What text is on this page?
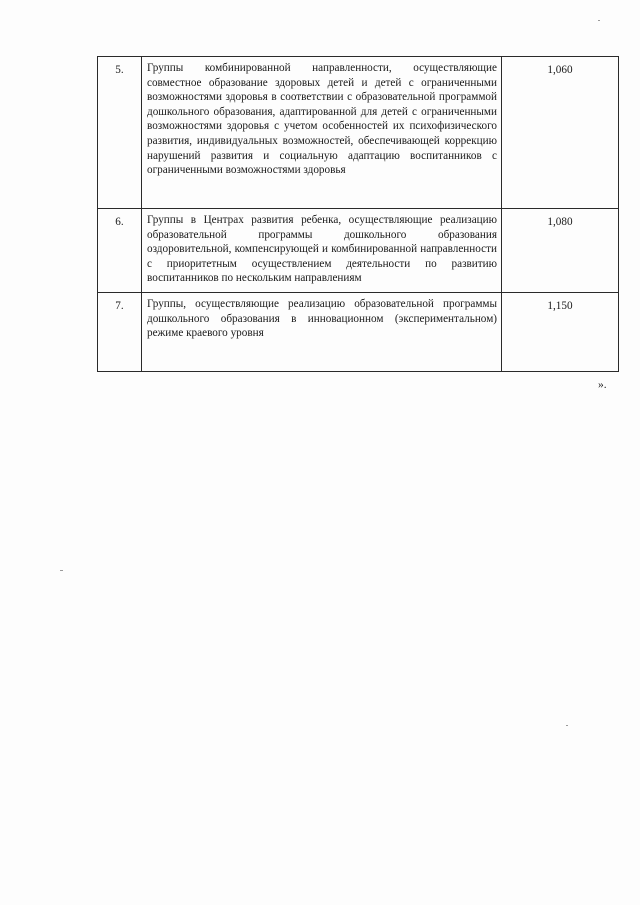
5.	Группы комбинированной направленности, осуществляющие совместное образование здоровых детей и детей с ограниченными возможностями здоровья в соответствии с образовательной программой дошкольного образования, адаптированной для детей с ограниченными возможностями здоровья с учетом особенностей их психофизического развития, индивидуальных возможностей, обеспечивающей коррекцию нарушений развития и социальную адаптацию воспитанников с ограниченными возможностями здоровья	1,060
6.	Группы в Центрах развития ребенка, осуществляющие реализацию образовательной программы дошкольного образования оздоровительной, компенсирующей и комбинированной направленности с приоритетным осуществлением деятельности по развитию воспитанников по нескольким направлениям	1,080
7.	Группы, осуществляющие реализацию образовательной программы дошкольного образования в инновационном (экспериментальном) режиме краевого уровня	1,150
».
